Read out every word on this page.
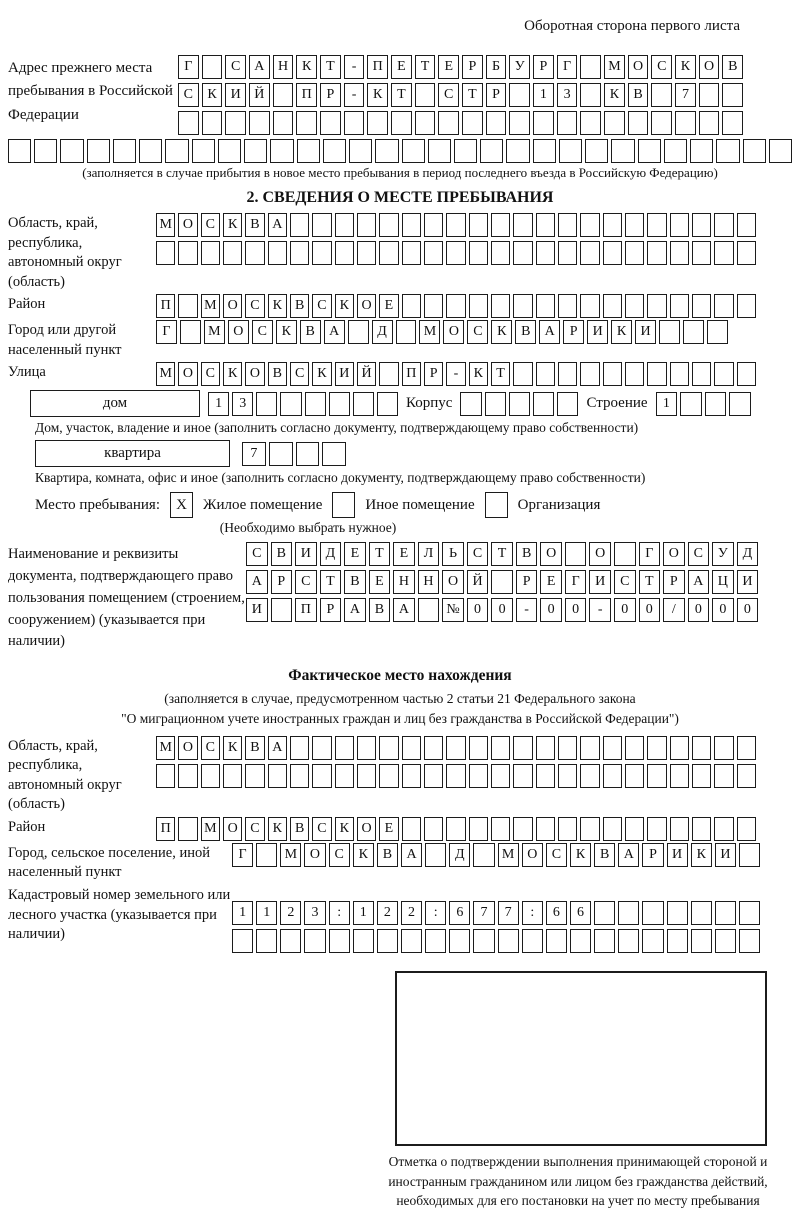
Оборотная сторона первого листа
Адрес прежнего места пребывания в Российской Федерации
Г	С А Н К	Т	-	П	Е	Т	Е	Р	Б	У	Р	Г	М О С	К О В
С	К И Й	П	Р	-	К	Т	С	Т	Р	1	3	К	В	7
(заполняется в случае прибытия в новое место пребывания в период последнего въезда в Российскую Федерацию)
2. СВЕДЕНИЯ О МЕСТЕ ПРЕБЫВАНИЯ
Область, край, республика, автономный округ (область)
М О С К В А
Район	П	М О С К В С К О Е
Город или другой населенный пункт
Г	М О	С	К	В	А	Д	М О	С	К	В	А	Р	И	К	И
Улица	М О С К О В С К И Й	П Р	-	К Т
дом	1	3	Корпус	Строение	1
Дом, участок, владение и иное (заполнить согласно документу, подтверждающему право собственности)
квартира	7
Квартира, комната, офис и иное (заполнить согласно документу, подтверждающему право собственности)
Место пребывания:	X	Жилое помещение	Иное помещение	Организация
(Необходимо выбрать нужное)
Наименование и реквизиты документа, подтверждающего право пользования помещением (строением, сооружением) (указывается при наличии)
С	В	И	Д	Е	Т	Е	Л	Ь	С	Т	В	О	О	Г	О	С	У	Д
А	Р	С	Т	В	Е	Н	Н	О	Й	Р	Е	Г	И	С	Т	Р	А	Ц	И
И	П	Р	А	В	А	№	0	0	-	0	0	-	0	0	/	0	0	0
Фактическое место нахождения
(заполняется в случае, предусмотренном частью 2 статьи 21 Федерального закона
"О миграционном учете иностранных граждан и лиц без гражданства в Российской Федерации")
Область, край, республика, автономный округ (область)
М О С К В А
Район	П	М О С К В С К О Е
Город, сельское поселение, иной населенный пункт
Г	М О	С	К	В	А	Д	М О	С	К	В	А	Р	И	К	И
Кадастровый номер земельного или лесного участка (указывается при наличии)
1	1	2	3	:	1	2	2	:	6	7	7	:	6	6
Отметка о подтверждении выполнения принимающей стороной и иностранным гражданином или лицом без гражданства действий, необходимых для его постановки на учет по месту пребывания
